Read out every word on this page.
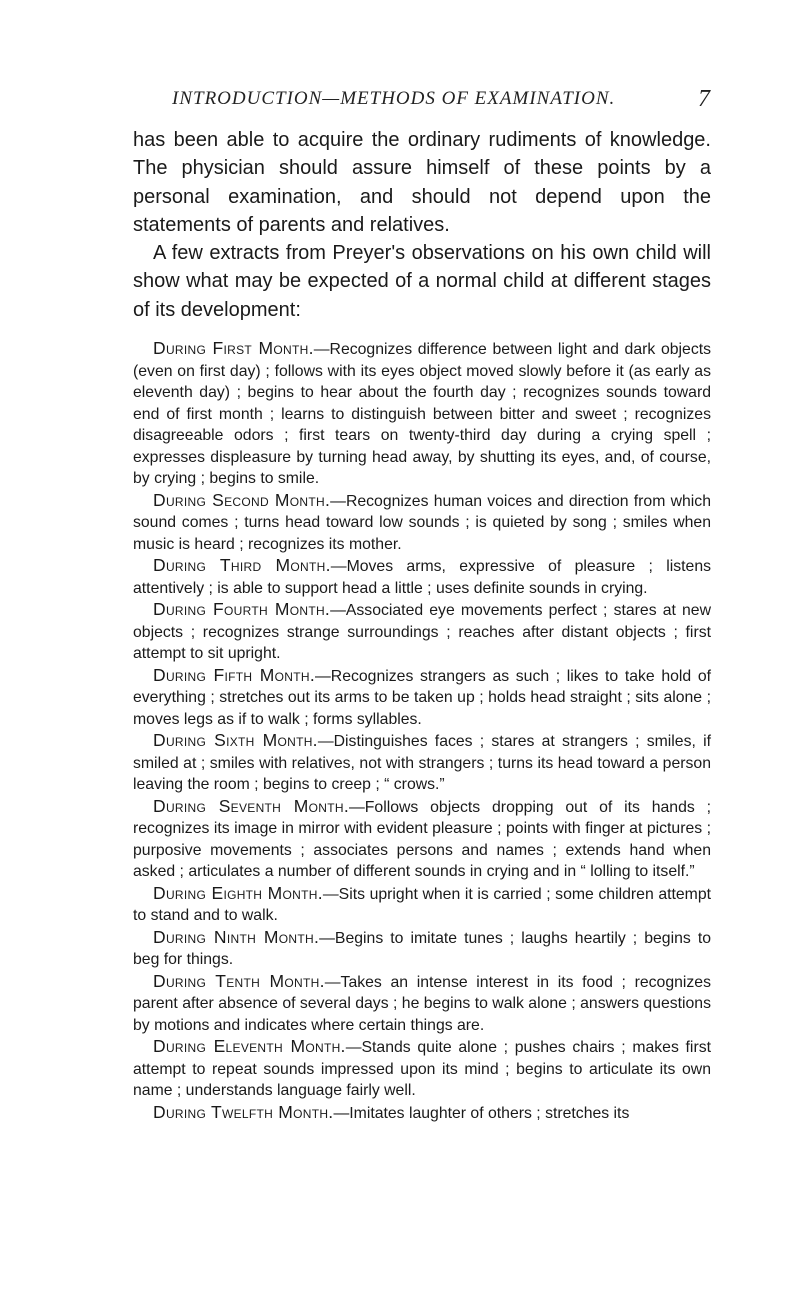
INTRODUCTION—METHODS OF EXAMINATION.	7

has been able to acquire the ordinary rudiments of knowledge. The physician should assure himself of these points by a personal examination, and should not depend upon the statements of parents and relatives.

A few extracts from Preyer's observations on his own child will show what may be expected of a normal child at different stages of its development:

During First Month.—Recognizes difference between light and dark objects (even on first day) ; follows with its eyes object moved slowly before it (as early as eleventh day) ; begins to hear about the fourth day ; recognizes sounds toward end of first month ; learns to distinguish between bitter and sweet ; recognizes disagreeable odors ; first tears on twenty-third day during a crying spell ; expresses displeasure by turning head away, by shutting its eyes, and, of course, by crying ; begins to smile.

During Second Month.—Recognizes human voices and direction from which sound comes ; turns head toward low sounds ; is quieted by song ; smiles when music is heard ; recognizes its mother.

During Third Month.—Moves arms, expressive of pleasure ; listens attentively ; is able to support head a little ; uses definite sounds in crying.

During Fourth Month.—Associated eye movements perfect ; stares at new objects ; recognizes strange surroundings ; reaches after distant objects ; first attempt to sit upright.

During Fifth Month.—Recognizes strangers as such ; likes to take hold of everything ; stretches out its arms to be taken up ; holds head straight ; sits alone ; moves legs as if to walk ; forms syllables.

During Sixth Month.—Distinguishes faces ; stares at strangers ; smiles, if smiled at ; smiles with relatives, not with strangers ; turns its head toward a person leaving the room ; begins to creep ; “ crows.”

During Seventh Month.—Follows objects dropping out of its hands ; recognizes its image in mirror with evident pleasure ; points with finger at pictures ; purposive movements ; associates persons and names ; extends hand when asked ; articulates a number of different sounds in crying and in “ lolling to itself.”

During Eighth Month.—Sits upright when it is carried ; some children attempt to stand and to walk.

During Ninth Month.—Begins to imitate tunes ; laughs heartily ; begins to beg for things.

During Tenth Month.—Takes an intense interest in its food ; recognizes parent after absence of several days ; he begins to walk alone ; answers questions by motions and indicates where certain things are.

During Eleventh Month.—Stands quite alone ; pushes chairs ; makes first attempt to repeat sounds impressed upon its mind ; begins to articulate its own name ; understands language fairly well.

During Twelfth Month.—Imitates laughter of others ; stretches its
